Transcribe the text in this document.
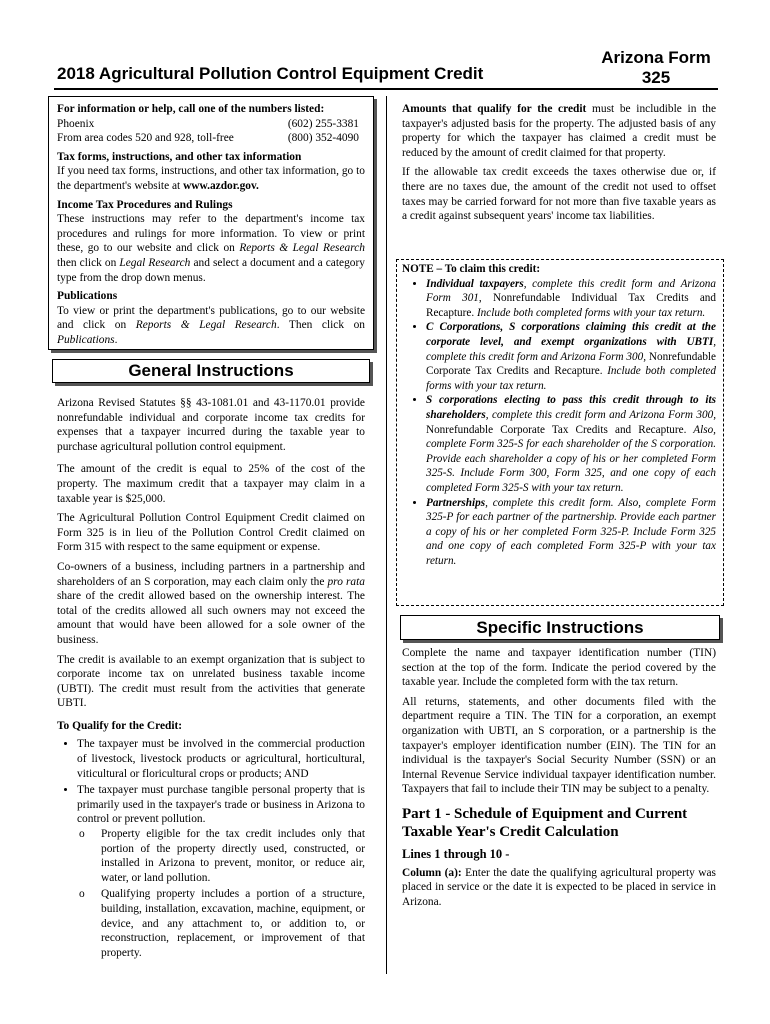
2018 Agricultural Pollution Control Equipment Credit
Arizona Form
325

For information or help, call one of the numbers listed:

Phoenix	(602) 255-3381
From area codes 520 and 928, toll-free	(800) 352-4090

Tax forms, instructions, and other tax information

If you need tax forms, instructions, and other tax information, go to the department's website at www.azdor.gov.

Income Tax Procedures and Rulings

These instructions may refer to the department's income tax procedures and rulings for more information. To view or print these, go to our website and click on Reports & Legal Research then click on Legal Research and select a document and a category type from the drop down menus.

Publications

To view or print the department's publications, go to our website and click on Reports & Legal Research. Then click on Publications.

General Instructions

Arizona Revised Statutes §§ 43-1081.01 and 43-1170.01 provide nonrefundable individual and corporate income tax credits for expenses that a taxpayer incurred during the taxable year to purchase agricultural pollution control equipment.

The amount of the credit is equal to 25% of the cost of the property. The maximum credit that a taxpayer may claim in a taxable year is $25,000.

The Agricultural Pollution Control Equipment Credit claimed on Form 325 is in lieu of the Pollution Control Credit claimed on Form 315 with respect to the same equipment or expense.

Co-owners of a business, including partners in a partnership and shareholders of an S corporation, may each claim only the pro rata share of the credit allowed based on the ownership interest. The total of the credits allowed all such owners may not exceed the amount that would have been allowed for a sole owner of the business.

The credit is available to an exempt organization that is subject to corporate income tax on unrelated business taxable income (UBTI). The credit must result from the activities that generate UBTI.

To Qualify for the Credit:

• The taxpayer must be involved in the commercial production of livestock, livestock products or agricultural, horticultural, viticultural or floricultural crops or products; AND
• The taxpayer must purchase tangible personal property that is primarily used in the taxpayer's trade or business in Arizona to control or prevent pollution.
o Property eligible for the tax credit includes only that portion of the property directly used, constructed, or installed in Arizona to prevent, monitor, or reduce air, water, or land pollution.
o Qualifying property includes a portion of a structure, building, installation, excavation, machine, equipment, or device, and any attachment to, or addition to, or reconstruction, replacement, or improvement of that property.

Amounts that qualify for the credit must be includible in the taxpayer's adjusted basis for the property. The adjusted basis of any property for which the taxpayer has claimed a credit must be reduced by the amount of credit claimed for that property.

If the allowable tax credit exceeds the taxes otherwise due or, if there are no taxes due, the amount of the credit not used to offset taxes may be carried forward for not more than five taxable years as a credit against subsequent years' income tax liabilities.

NOTE – To claim this credit:
• Individual taxpayers, complete this credit form and Arizona Form 301, Nonrefundable Individual Tax Credits and Recapture. Include both completed forms with your tax return.
• C Corporations, S corporations claiming this credit at the corporate level, and exempt organizations with UBTI, complete this credit form and Arizona Form 300, Nonrefundable Corporate Tax Credits and Recapture. Include both completed forms with your tax return.
• S corporations electing to pass this credit through to its shareholders, complete this credit form and Arizona Form 300, Nonrefundable Corporate Tax Credits and Recapture. Also, complete Form 325-S for each shareholder of the S corporation. Provide each shareholder a copy of his or her completed Form 325-S. Include Form 300, Form 325, and one copy of each completed Form 325-S with your tax return.
• Partnerships, complete this credit form. Also, complete Form 325-P for each partner of the partnership. Provide each partner a copy of his or her completed Form 325-P. Include Form 325 and one copy of each completed Form 325-P with your tax return.
Specific Instructions

Complete the name and taxpayer identification number (TIN) section at the top of the form. Indicate the period covered by the taxable year. Include the completed form with the tax return.

All returns, statements, and other documents filed with the department require a TIN. The TIN for a corporation, an exempt organization with UBTI, an S corporation, or a partnership is the taxpayer's employer identification number (EIN). The TIN for an individual is the taxpayer's Social Security Number (SSN) or an Internal Revenue Service individual taxpayer identification number. Taxpayers that fail to include their TIN may be subject to a penalty.

Part 1 - Schedule of Equipment and Current Taxable Year's Credit Calculation

Lines 1 through 10 -

Column (a): Enter the date the qualifying agricultural property was placed in service or the date it is expected to be placed in service in Arizona.
